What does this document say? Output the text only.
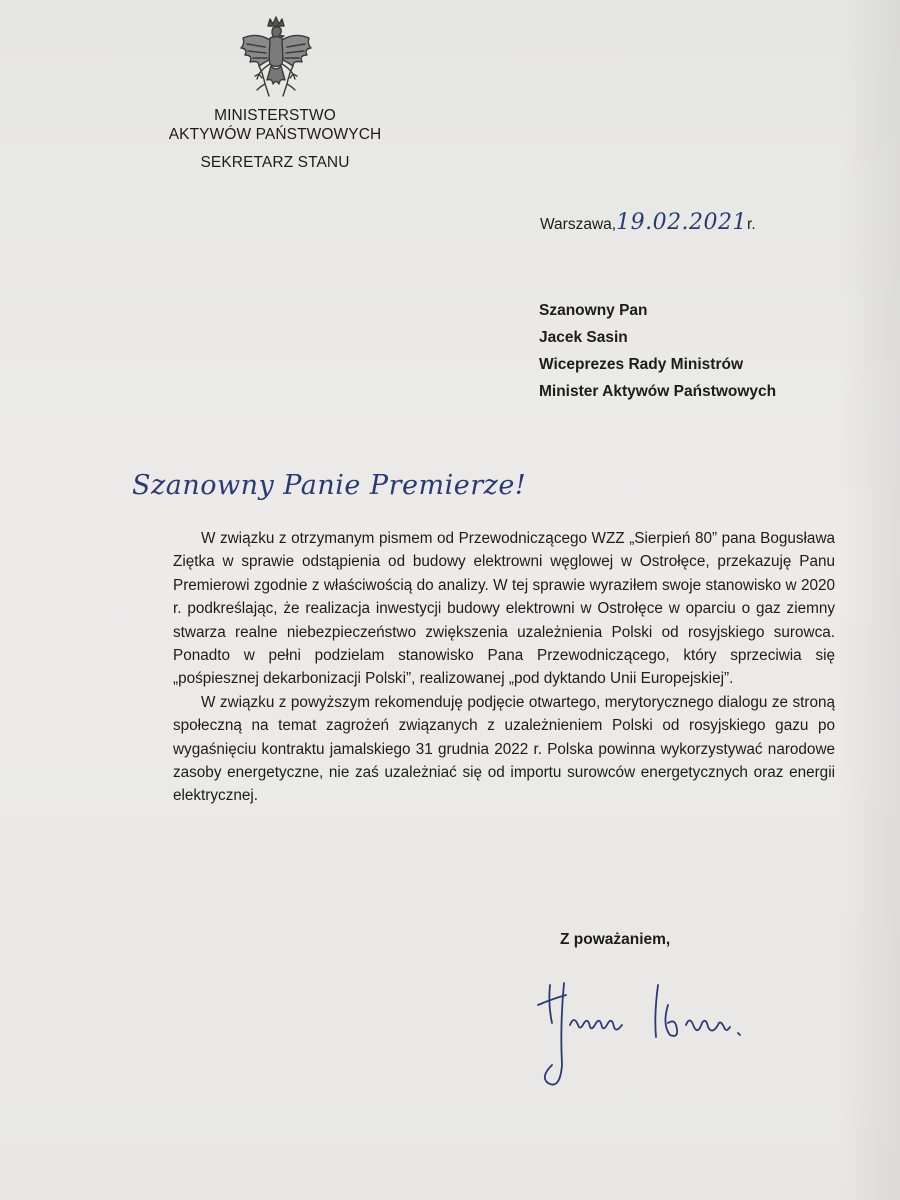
MINISTERSTWO
AKTYWÓW PAŃSTWOWYCH
SEKRETARZ STANU
Warszawa,19.02.2021r.
Szanowny Pan
Jacek Sasin
Wiceprezes Rady Ministrów
Minister Aktywów Państwowych
Szanowny Panie Premierze!

W związku z otrzymanym pismem od Przewodniczącego WZZ „Sierpień 80” pana Bogusława Ziętka w sprawie odstąpienia od budowy elektrowni węglowej w Ostrołęce, przekazuję Panu Premierowi zgodnie z właściwością do analizy. W tej sprawie wyraziłem swoje stanowisko w 2020 r. podkreślając, że realizacja inwestycji budowy elektrowni w Ostrołęce w oparciu o gaz ziemny stwarza realne niebezpieczeństwo zwiększenia uzależnienia Polski od rosyjskiego surowca. Ponadto w pełni podzielam stanowisko Pana Przewodniczącego, który sprzeciwia się „pośpiesznej dekarbonizacji Polski”, realizowanej „pod dyktando Unii Europejskiej”.

W związku z powyższym rekomenduję podjęcie otwartego, merytorycznego dialogu ze stroną społeczną na temat zagrożeń związanych z uzależnieniem Polski od rosyjskiego gazu po wygaśnięciu kontraktu jamalskiego 31 grudnia 2022 r. Polska powinna wykorzystywać narodowe zasoby energetyczne, nie zaś uzależniać się od importu surowców energetycznych oraz energii elektrycznej.

Z poważaniem,
